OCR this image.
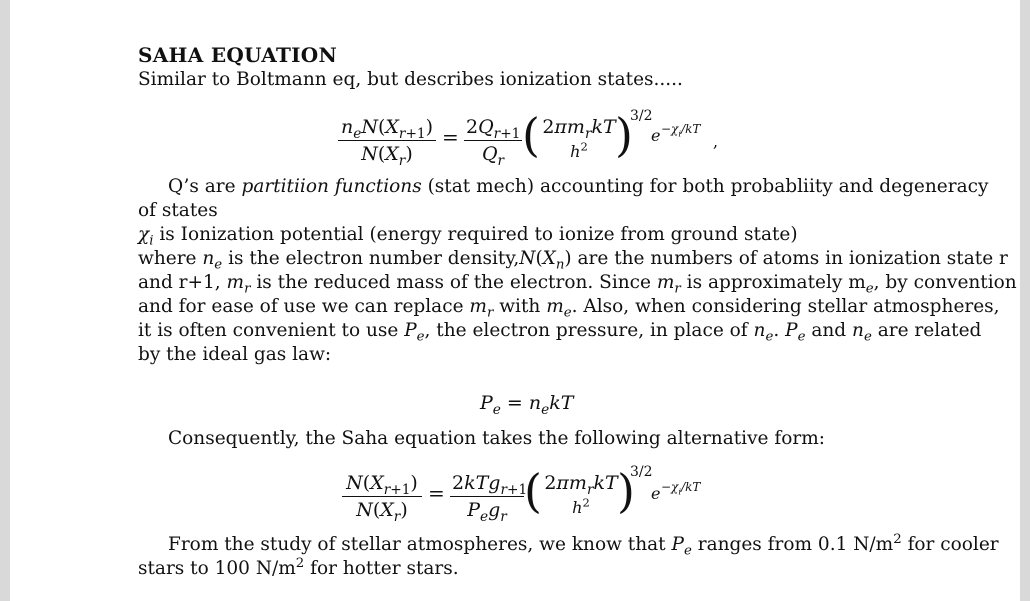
SAHA EQUATION
Similar to Boltmann eq, but describes ionization states.....
$n_eN(X_{r+1})$
$N(X_r)$
= $\frac{2Q_{r+1}}{Q_r}$ ( $2\pi m_rkT$
$h^2$ )
3/2
$e -\chi_i/kT$
,
Q’s are partitiion functions (stat mech) accounting for both probabliity and degeneracy
of states
$\chi_i$ is Ionization potential (energy required to ionize from ground state)
where $n_e$ is the electron number $density,N(X_n)$ are the numbers of atoms in ionization state r
and r+1, $m_r$ is the reduced mass of the electron. Since $m_r$ is approximately $m_e$, by convention
and for ease of use we can replace $m_r$ with $m_e$. Also, when considering stellar atmospheres,
it is often convenient to use $P_e$, the electron pressure, in place of $n_e$. $P_e$ and $n_e$ are related
by the ideal gas law:
$P_e = n_ekT$
Consequently, the Saha equation takes the following alternative form:
$\frac{N(X_{r+1})}{N(X_r)} = 2kTg_{r+1}$
$P_eg_r$ ( $2\pi m_rkT$
$h^2$ )
3/2
$e -\chi_i/kT$
From the study of stellar atmospheres, we know that $P_e$ ranges from 0.1 $N/m^2$ for cooler
stars to 100 $N/m^2$ for hotter stars.
